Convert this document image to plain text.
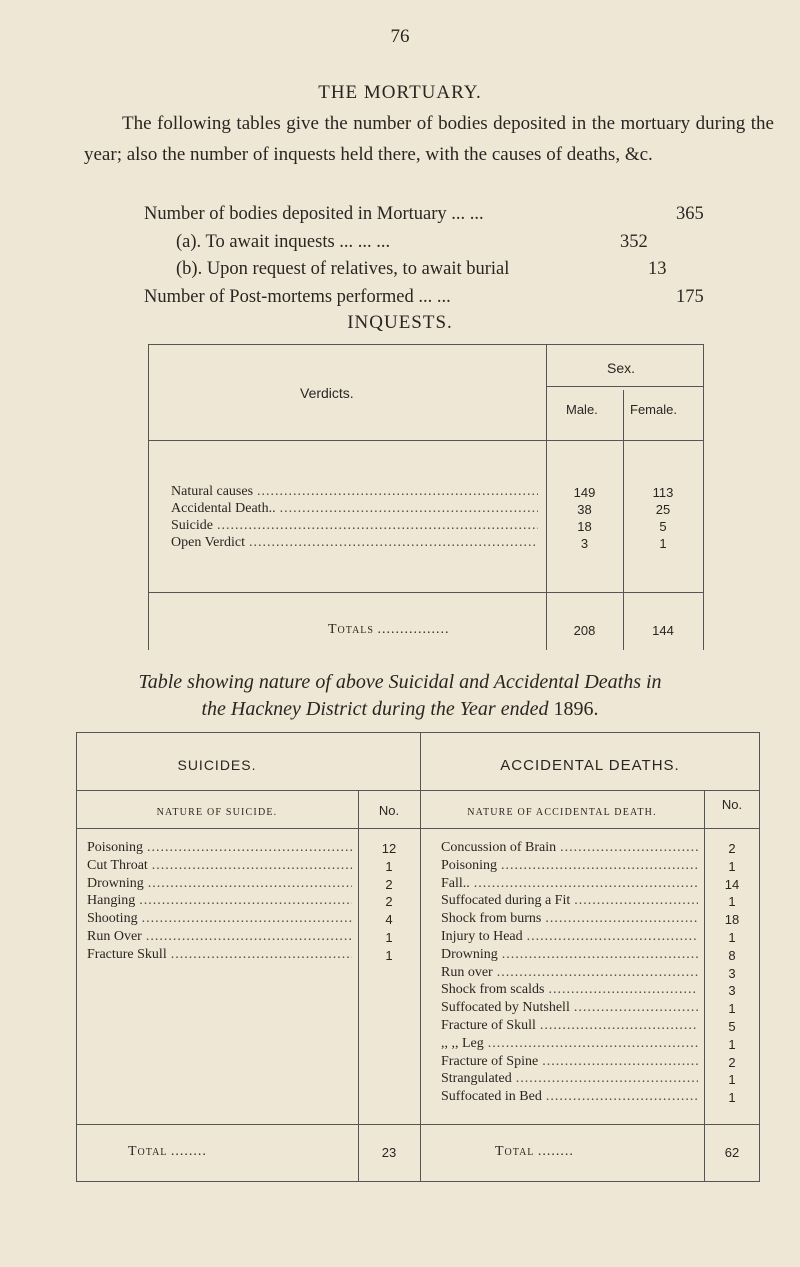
76
THE MORTUARY.
The following tables give the number of bodies deposited in the mortuary during the year; also the number of inquests held there, with the causes of deaths, &c.
Number of bodies deposited in Mortuary ... ...	365
(a). To await inquests ... ... ...	352
(b). Upon request of relatives, to await burial	13
Number of Post-mortems performed ... ...	175
INQUESTS.
Verdicts.
Sex.
Male. Female.
Natural causes .....	149	113
Accidental Death.. .....	38	25
Suicide .....	18	5
Open Verdict .....	3	1
Totals ................	208	144
Table showing nature of above Suicidal and Accidental Deaths in
the Hackney District during the Year ended 1896.
SUICIDES.	ACCIDENTAL DEATHS.
NATURE OF SUICIDE.	No.	NATURE OF ACCIDENTAL DEATH.
No.
Poisoning .....	12
Cut Throat .....	1
Drowning .....	2
Hanging .....	2
Shooting .....	4
Run Over .....	1
Fracture Skull .....	1
Concussion of Brain .....	2
Poisoning .....	1
Fall.. .....	14
Suffocated during a Fit .....	1
Shock from burns .....	18
Injury to Head .....	1
Drowning .....	8
Run over .....	3
Shock from scalds .....	3
Suffocated by Nutshell .....	1
Fracture of Skull .....	5
,, ,, Leg .....	1
Fracture of Spine .....	2
Strangulated .....	1
Suffocated in Bed .....	1
Total ........	23	Total ........	62
